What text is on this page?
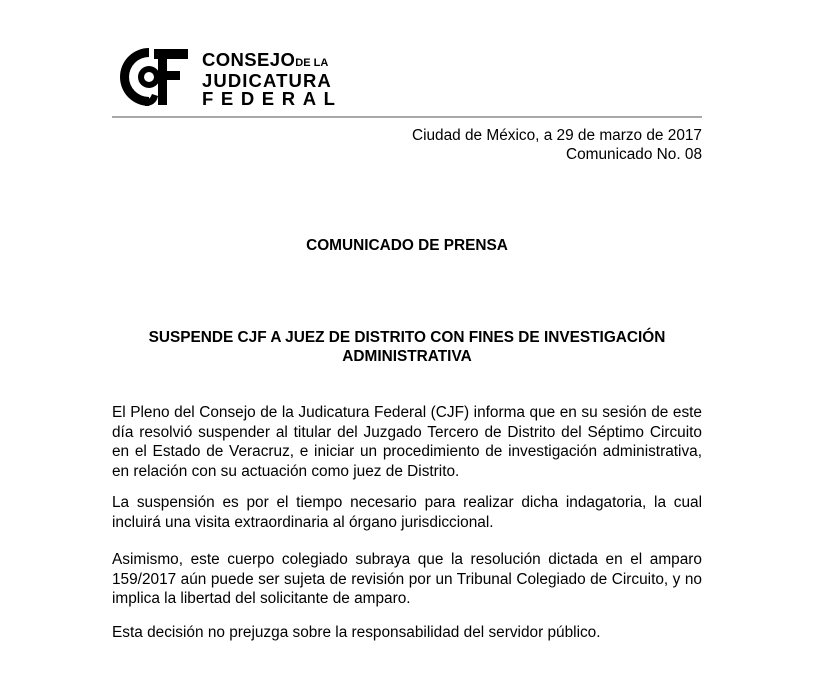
CONSEJODE LA
JUDICATURA
FEDERAL
Ciudad de México, a 29 de marzo de 2017
Comunicado No. 08
COMUNICADO DE PRENSA
SUSPENDE CJF A JUEZ DE DISTRITO CON FINES DE INVESTIGACIÓN
ADMINISTRATIVA

El Pleno del Consejo de la Judicatura Federal (CJF) informa que en su sesión de este día resolvió suspender al titular del Juzgado Tercero de Distrito del Séptimo Circuito en el Estado de Veracruz, e iniciar un procedimiento de investigación administrativa, en relación con su actuación como juez de Distrito.

La suspensión es por el tiempo necesario para realizar dicha indagatoria, la cual incluirá una visita extraordinaria al órgano jurisdiccional.

Asimismo, este cuerpo colegiado subraya que la resolución dictada en el amparo 159/2017 aún puede ser sujeta de revisión por un Tribunal Colegiado de Circuito, y no implica la libertad del solicitante de amparo.

Esta decisión no prejuzga sobre la responsabilidad del servidor público.
